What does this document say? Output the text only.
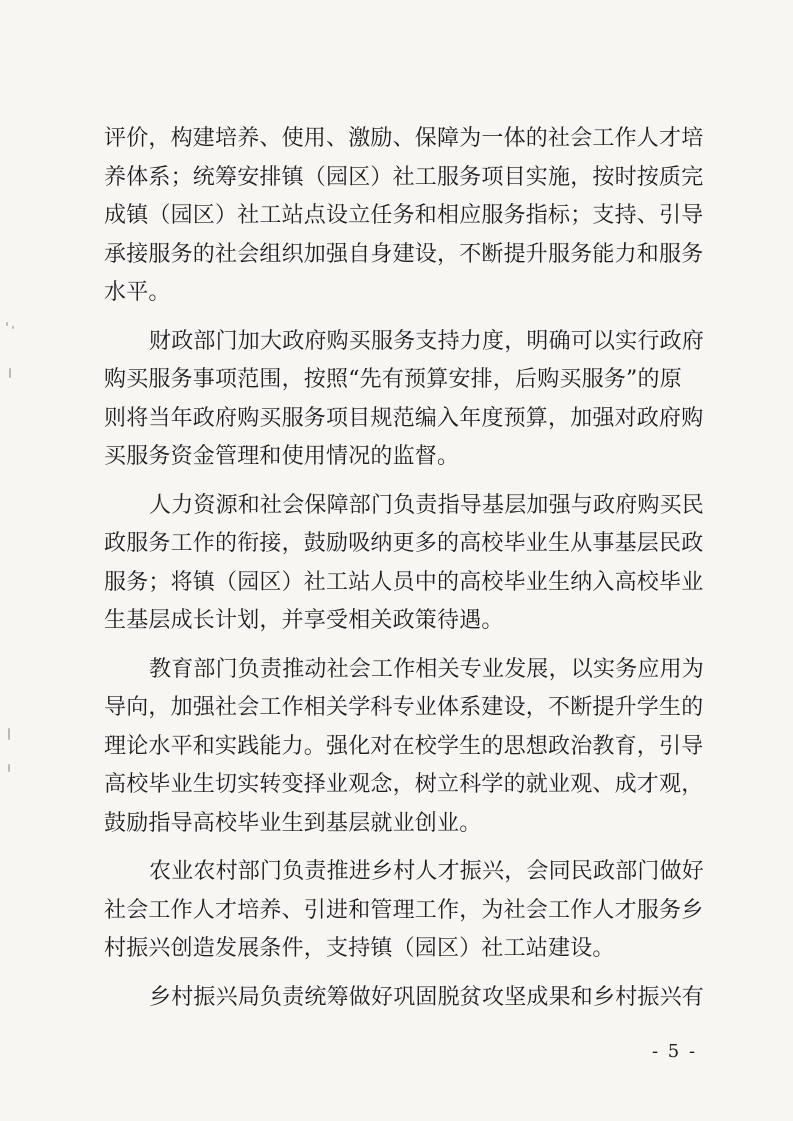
评价，构建培养、使用、激励、保障为一体的社会工作人才培
养体系；统筹安排镇（园区）社工服务项目实施，按时按质完
成镇（园区）社工站点设立任务和相应服务指标；支持、引导
承接服务的社会组织加强自身建设，不断提升服务能力和服务
水平。
财政部门加大政府购买服务支持力度，明确可以实行政府
购买服务事项范围，按照“先有预算安排，后购买服务”的原
则将当年政府购买服务项目规范编入年度预算，加强对政府购
买服务资金管理和使用情况的监督。
人力资源和社会保障部门负责指导基层加强与政府购买民
政服务工作的衔接，鼓励吸纳更多的高校毕业生从事基层民政
服务；将镇（园区）社工站人员中的高校毕业生纳入高校毕业
生基层成长计划，并享受相关政策待遇。
教育部门负责推动社会工作相关专业发展，以实务应用为
导向，加强社会工作相关学科专业体系建设，不断提升学生的
理论水平和实践能力。强化对在校学生的思想政治教育，引导
高校毕业生切实转变择业观念，树立科学的就业观、成才观，
鼓励指导高校毕业生到基层就业创业。
农业农村部门负责推进乡村人才振兴，会同民政部门做好
社会工作人才培养、引进和管理工作，为社会工作人才服务乡
村振兴创造发展条件，支持镇（园区）社工站建设。
乡村振兴局负责统筹做好巩固脱贫攻坚成果和乡村振兴有
- 5 -
